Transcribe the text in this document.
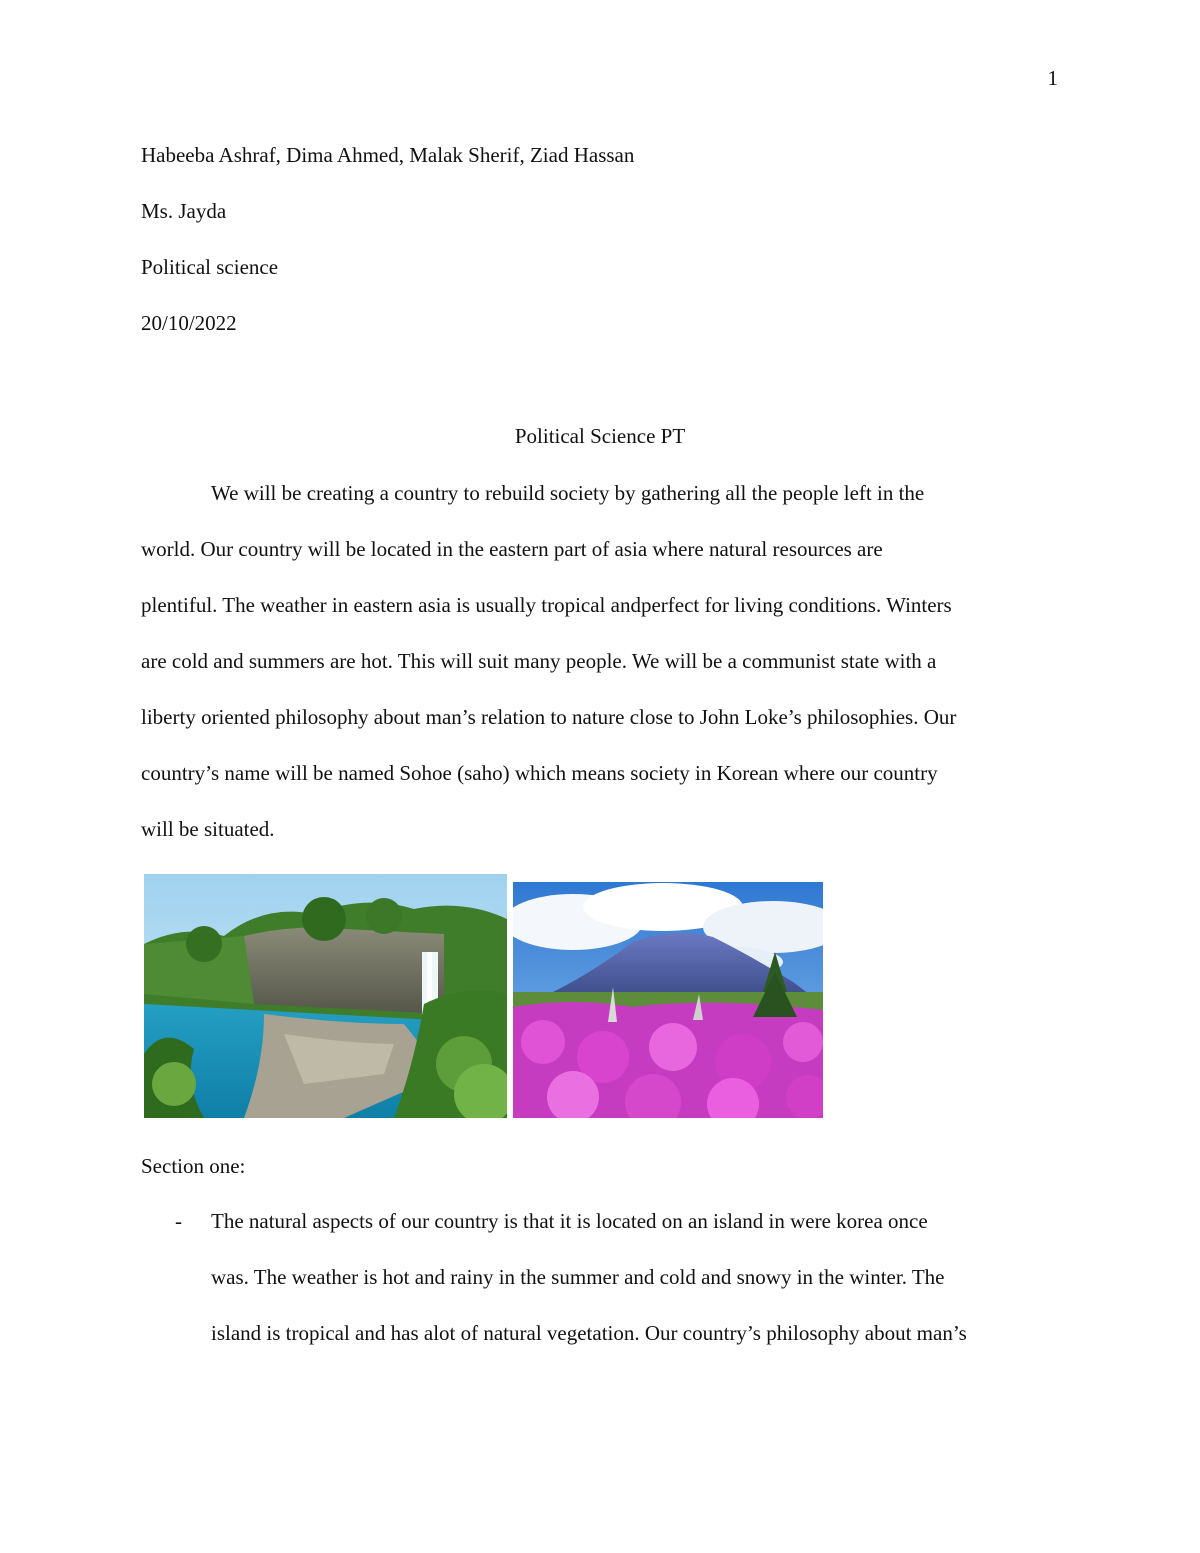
1
Habeeba Ashraf, Dima Ahmed, Malak Sherif, Ziad Hassan
Ms. Jayda
Political science
20/10/2022
Political Science PT
We will be creating a country to rebuild society by gathering all the people left in the
world. Our country will be located in the eastern part of asia where natural resources are
plentiful. The weather in eastern asia is usually tropical andperfect for living conditions. Winters
are cold and summers are hot. This will suit many people. We will be a communist state with a
liberty oriented philosophy about man’s relation to nature close to John Loke’s philosophies. Our
country’s name will be named Sohoe (saho) which means society in Korean where our country
will be situated.
Section one:
- The natural aspects of our country is that it is located on an island in were korea once
was. The weather is hot and rainy in the summer and cold and snowy in the winter. The
island is tropical and has alot of natural vegetation. Our country’s philosophy about man’s
